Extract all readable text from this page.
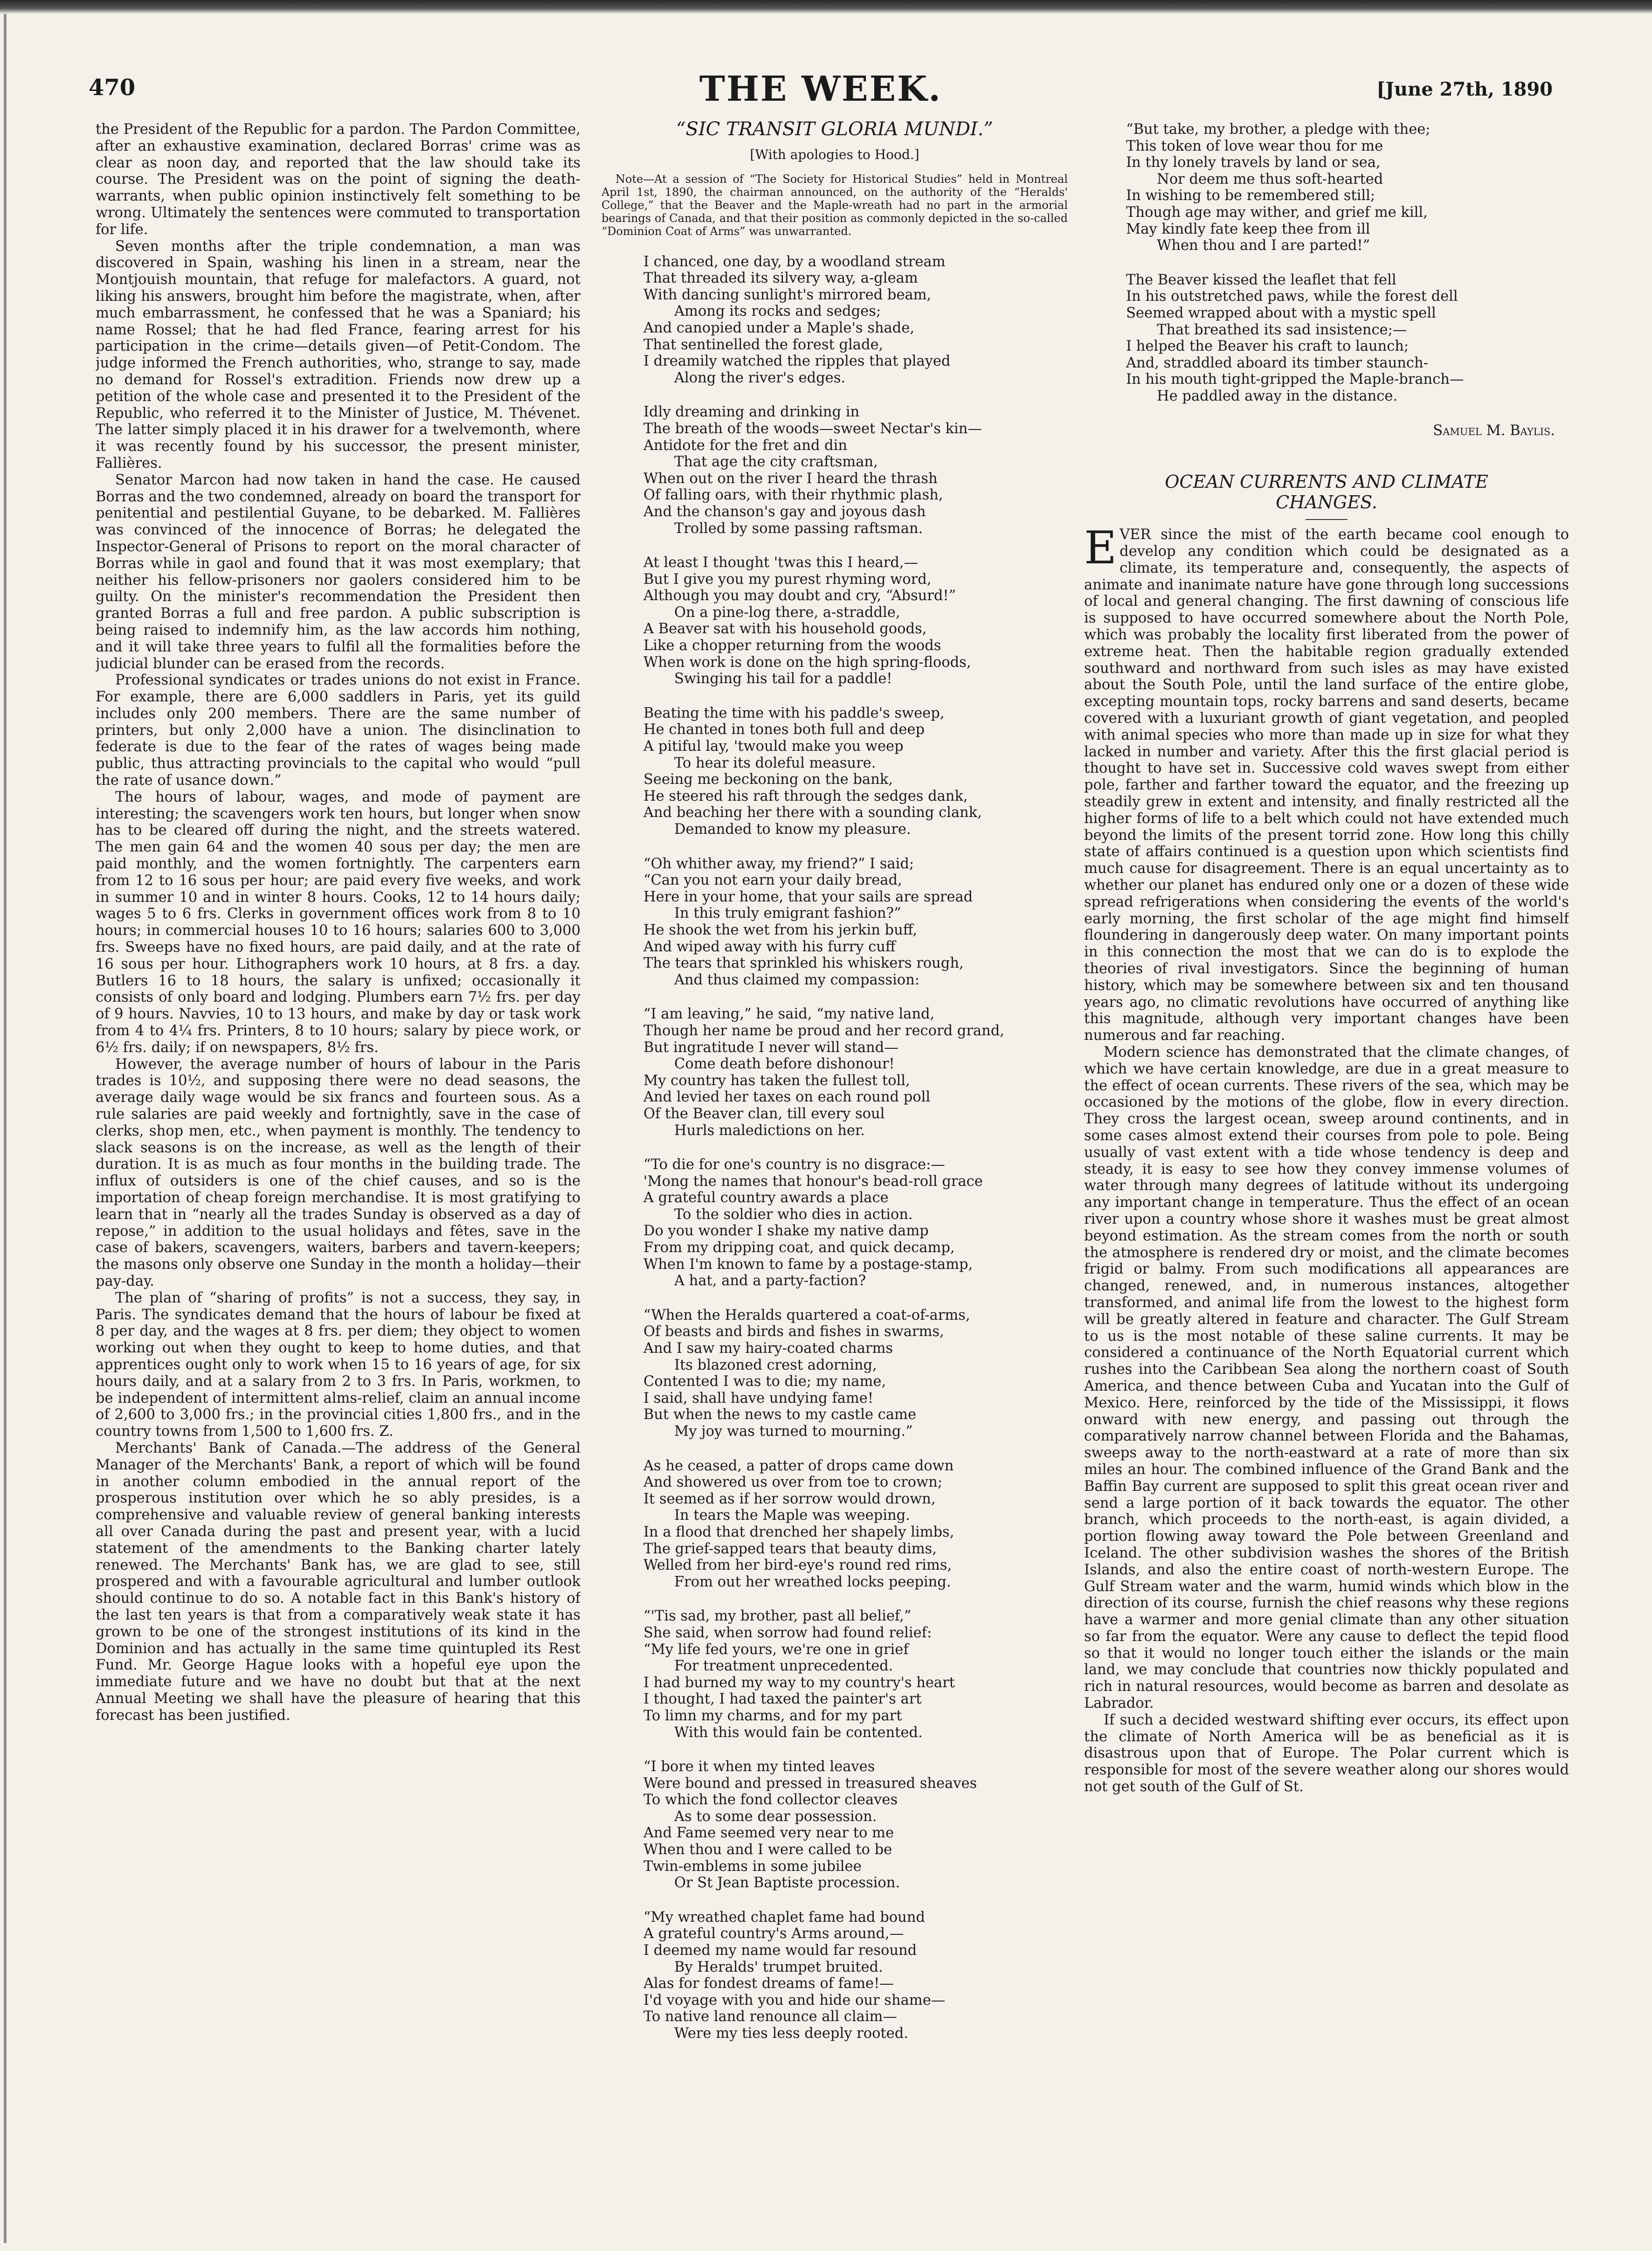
470	THE WEEK.	[June 27th, 1890

the President of the Republic for a pardon. The Pardon Committee, after an exhaustive examination, declared Borras' crime was as clear as noon day, and reported that the law should take its course. The President was on the point of signing the death-warrants, when public opinion instinctively felt something to be wrong. Ultimately the sentences were commuted to transportation for life.

Seven months after the triple condemnation, a man was discovered in Spain, washing his linen in a stream, near the Montjouish mountain, that refuge for malefactors. A guard, not liking his answers, brought him before the magistrate, when, after much embarrassment, he confessed that he was a Spaniard; his name Rossel; that he had fled France, fearing arrest for his participation in the crime—details given—of Petit-Condom. The judge informed the French authorities, who, strange to say, made no demand for Rossel's extradition. Friends now drew up a petition of the whole case and presented it to the President of the Republic, who referred it to the Minister of Justice, M. Thévenet. The latter simply placed it in his drawer for a twelvemonth, where it was recently found by his successor, the present minister, Fallières.

Senator Marcon had now taken in hand the case. He caused Borras and the two condemned, already on board the transport for penitential and pestilential Guyane, to be debarked. M. Fallières was convinced of the innocence of Borras; he delegated the Inspector-General of Prisons to report on the moral character of Borras while in gaol and found that it was most exemplary; that neither his fellow-prisoners nor gaolers considered him to be guilty. On the minister's recommendation the President then granted Borras a full and free pardon. A public subscription is being raised to indemnify him, as the law accords him nothing, and it will take three years to fulfil all the formalities before the judicial blunder can be erased from the records.

Professional syndicates or trades unions do not exist in France. For example, there are 6,000 saddlers in Paris, yet its guild includes only 200 members. There are the same number of printers, but only 2,000 have a union. The disinclination to federate is due to the fear of the rates of wages being made public, thus attracting provincials to the capital who would “pull the rate of usance down.”

The hours of labour, wages, and mode of payment are interesting; the scavengers work ten hours, but longer when snow has to be cleared off during the night, and the streets watered. The men gain 64 and the women 40 sous per day; the men are paid monthly, and the women fortnightly. The carpenters earn from 12 to 16 sous per hour; are paid every five weeks, and work in summer 10 and in winter 8 hours. Cooks, 12 to 14 hours daily; wages 5 to 6 frs. Clerks in government offices work from 8 to 10 hours; in commercial houses 10 to 16 hours; salaries 600 to 3,000 frs. Sweeps have no fixed hours, are paid daily, and at the rate of 16 sous per hour. Lithographers work 10 hours, at 8 frs. a day. Butlers 16 to 18 hours, the salary is unfixed; occasionally it consists of only board and lodging. Plumbers earn 7½ frs. per day of 9 hours. Navvies, 10 to 13 hours, and make by day or task work from 4 to 4¼ frs. Printers, 8 to 10 hours; salary by piece work, or 6½ frs. daily; if on newspapers, 8½ frs.

However, the average number of hours of labour in the Paris trades is 10½, and supposing there were no dead seasons, the average daily wage would be six francs and fourteen sous. As a rule salaries are paid weekly and fortnightly, save in the case of clerks, shop men, etc., when payment is monthly. The tendency to slack seasons is on the increase, as well as the length of their duration. It is as much as four months in the building trade. The influx of outsiders is one of the chief causes, and so is the importation of cheap foreign merchandise. It is most gratifying to learn that in “nearly all the trades Sunday is observed as a day of repose,” in addition to the usual holidays and fêtes, save in the case of bakers, scavengers, waiters, barbers and tavern-keepers; the masons only observe one Sunday in the month a holiday—their pay-day.

The plan of “sharing of profits” is not a success, they say, in Paris. The syndicates demand that the hours of labour be fixed at 8 per day, and the wages at 8 frs. per diem; they object to women working out when they ought to keep to home duties, and that apprentices ought only to work when 15 to 16 years of age, for six hours daily, and at a salary from 2 to 3 frs. In Paris, workmen, to be independent of intermittent alms-relief, claim an annual income of 2,600 to 3,000 frs.; in the provincial cities 1,800 frs., and in the country towns from 1,500 to 1,600 frs. Z.

Merchants' Bank of Canada.—The address of the General Manager of the Merchants' Bank, a report of which will be found in another column embodied in the annual report of the prosperous institution over which he so ably presides, is a comprehensive and valuable review of general banking interests all over Canada during the past and present year, with a lucid statement of the amendments to the Banking charter lately renewed. The Merchants' Bank has, we are glad to see, still prospered and with a favourable agricultural and lumber outlook should continue to do so. A notable fact in this Bank's history of the last ten years is that from a comparatively weak state it has grown to be one of the strongest institutions of its kind in the Dominion and has actually in the same time quintupled its Rest Fund. Mr. George Hague looks with a hopeful eye upon the immediate future and we have no doubt but that at the next Annual Meeting we shall have the pleasure of hearing that this forecast has been justified.

“SIC TRANSIT GLORIA MUNDI.”
[With apologies to Hood.]

Note—At a session of “The Society for Historical Studies” held in Montreal April 1st, 1890, the chairman announced, on the authority of the “Heralds' College,” that the Beaver and the Maple-wreath had no part in the armorial bearings of Canada, and that their position as commonly depicted in the so-called “Dominion Coat of Arms” was unwarranted.

I chanced, one day, by a woodland stream
That threaded its silvery way, a-gleam
With dancing sunlight's mirrored beam,
Among its rocks and sedges;
And canopied under a Maple's shade,
That sentinelled the forest glade,
I dreamily watched the ripples that played
Along the river's edges.
Idly dreaming and drinking in
The breath of the woods—sweet Nectar's kin—
Antidote for the fret and din
That age the city craftsman,
When out on the river I heard the thrash
Of falling oars, with their rhythmic plash,
And the chanson's gay and joyous dash
Trolled by some passing raftsman.
At least I thought 'twas this I heard,—
But I give you my purest rhyming word,
Although you may doubt and cry, “Absurd!”
On a pine-log there, a-straddle,
A Beaver sat with his household goods,
Like a chopper returning from the woods
When work is done on the high spring-floods,
Swinging his tail for a paddle!
Beating the time with his paddle's sweep,
He chanted in tones both full and deep
A pitiful lay, 'twould make you weep
To hear its doleful measure.
Seeing me beckoning on the bank,
He steered his raft through the sedges dank,
And beaching her there with a sounding clank,
Demanded to know my pleasure.
“Oh whither away, my friend?” I said;
“Can you not earn your daily bread,
Here in your home, that your sails are spread
In this truly emigrant fashion?”
He shook the wet from his jerkin buff,
And wiped away with his furry cuff
The tears that sprinkled his whiskers rough,
And thus claimed my compassion:
“I am leaving,” he said, “my native land,
Though her name be proud and her record grand,
But ingratitude I never will stand—
Come death before dishonour!
My country has taken the fullest toll,
And levied her taxes on each round poll
Of the Beaver clan, till every soul
Hurls maledictions on her.
“To die for one's country is no disgrace:—
'Mong the names that honour's bead-roll grace
A grateful country awards a place
To the soldier who dies in action.
Do you wonder I shake my native damp
From my dripping coat, and quick decamp,
When I'm known to fame by a postage-stamp,
A hat, and a party-faction?
“When the Heralds quartered a coat-of-arms,
Of beasts and birds and fishes in swarms,
And I saw my hairy-coated charms
Its blazoned crest adorning,
Contented I was to die; my name,
I said, shall have undying fame!
But when the news to my castle came
My joy was turned to mourning.”
As he ceased, a patter of drops came down
And showered us over from toe to crown;
It seemed as if her sorrow would drown,
In tears the Maple was weeping.
In a flood that drenched her shapely limbs,
The grief-sapped tears that beauty dims,
Welled from her bird-eye's round red rims,
From out her wreathed locks peeping.
“'Tis sad, my brother, past all belief,”
She said, when sorrow had found relief:
“My life fed yours, we're one in grief
For treatment unprecedented.
I had burned my way to my country's heart
I thought, I had taxed the painter's art
To limn my charms, and for my part
With this would fain be contented.
“I bore it when my tinted leaves
Were bound and pressed in treasured sheaves
To which the fond collector cleaves
As to some dear possession.
And Fame seemed very near to me
When thou and I were called to be
Twin-emblems in some jubilee
Or St Jean Baptiste procession.
“My wreathed chaplet fame had bound
A grateful country's Arms around,—
I deemed my name would far resound
By Heralds' trumpet bruited.
Alas for fondest dreams of fame!—
I'd voyage with you and hide our shame—
To native land renounce all claim—
Were my ties less deeply rooted.
“But take, my brother, a pledge with thee;
This token of love wear thou for me
In thy lonely travels by land or sea,
Nor deem me thus soft-hearted
In wishing to be remembered still;
Though age may wither, and grief me kill,
May kindly fate keep thee from ill
When thou and I are parted!”
The Beaver kissed the leaflet that fell
In his outstretched paws, while the forest dell
Seemed wrapped about with a mystic spell
That breathed its sad insistence;—
I helped the Beaver his craft to launch;
And, straddled aboard its timber staunch-
In his mouth tight-gripped the Maple-branch—
He paddled away in the distance.
Samuel M. Baylis.
OCEAN CURRENTS AND CLIMATE
CHANGES.

E VER since the mist of the earth became cool enough to develop any condition which could be designated as a climate, its temperature and, consequently, the aspects of animate and inanimate nature have gone through long successions of local and general changing. The first dawning of conscious life is supposed to have occurred somewhere about the North Pole, which was probably the locality first liberated from the power of extreme heat. Then the habitable region gradually extended southward and northward from such isles as may have existed about the South Pole, until the land surface of the entire globe, excepting mountain tops, rocky barrens and sand deserts, became covered with a luxuriant growth of giant vegetation, and peopled with animal species who more than made up in size for what they lacked in number and variety. After this the first glacial period is thought to have set in. Successive cold waves swept from either pole, farther and farther toward the equator, and the freezing up steadily grew in extent and intensity, and finally restricted all the higher forms of life to a belt which could not have extended much beyond the limits of the present torrid zone. How long this chilly state of affairs continued is a question upon which scientists find much cause for disagreement. There is an equal uncertainty as to whether our planet has endured only one or a dozen of these wide spread refrigerations when considering the events of the world's early morning, the first scholar of the age might find himself floundering in dangerously deep water. On many important points in this connection the most that we can do is to explode the theories of rival investigators. Since the beginning of human history, which may be somewhere between six and ten thousand years ago, no climatic revolutions have occurred of anything like this magnitude, although very important changes have been numerous and far reaching.

Modern science has demonstrated that the climate changes, of which we have certain knowledge, are due in a great measure to the effect of ocean currents. These rivers of the sea, which may be occasioned by the motions of the globe, flow in every direction. They cross the largest ocean, sweep around continents, and in some cases almost extend their courses from pole to pole. Being usually of vast extent with a tide whose tendency is deep and steady, it is easy to see how they convey immense volumes of water through many degrees of latitude without its undergoing any important change in temperature. Thus the effect of an ocean river upon a country whose shore it washes must be great almost beyond estimation. As the stream comes from the north or south the atmosphere is rendered dry or moist, and the climate becomes frigid or balmy. From such modifications all appearances are changed, renewed, and, in numerous instances, altogether transformed, and animal life from the lowest to the highest form will be greatly altered in feature and character. The Gulf Stream to us is the most notable of these saline currents. It may be considered a continuance of the North Equatorial current which rushes into the Caribbean Sea along the northern coast of South America, and thence between Cuba and Yucatan into the Gulf of Mexico. Here, reinforced by the tide of the Mississippi, it flows onward with new energy, and passing out through the comparatively narrow channel between Florida and the Bahamas, sweeps away to the north-eastward at a rate of more than six miles an hour. The combined influence of the Grand Bank and the Baffin Bay current are supposed to split this great ocean river and send a large portion of it back towards the equator. The other branch, which proceeds to the north-east, is again divided, a portion flowing away toward the Pole between Greenland and Iceland. The other subdivision washes the shores of the British Islands, and also the entire coast of north-western Europe. The Gulf Stream water and the warm, humid winds which blow in the direction of its course, furnish the chief reasons why these regions have a warmer and more genial climate than any other situation so far from the equator. Were any cause to deflect the tepid flood so that it would no longer touch either the islands or the main land, we may conclude that countries now thickly populated and rich in natural resources, would become as barren and desolate as Labrador.

If such a decided westward shifting ever occurs, its effect upon the climate of North America will be as beneficial as it is disastrous upon that of Europe. The Polar current which is responsible for most of the severe weather along our shores would not get south of the Gulf of St.
